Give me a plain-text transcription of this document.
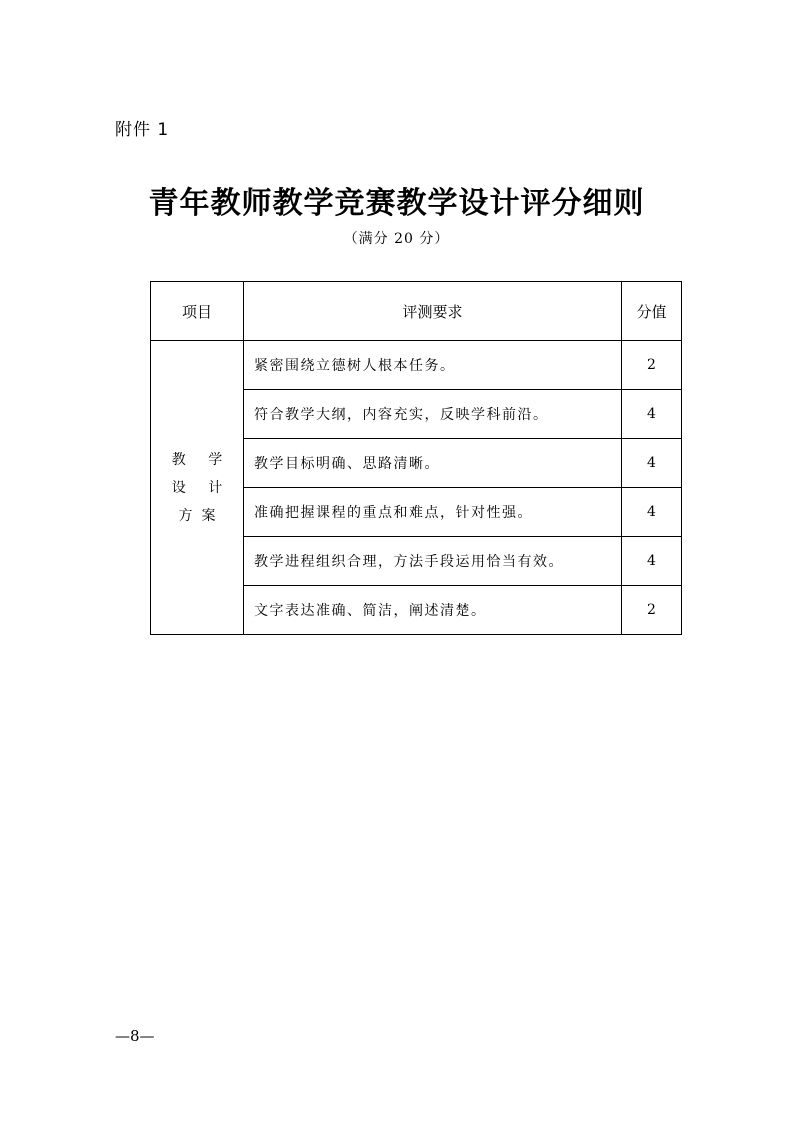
附件 1
青年教师教学竞赛教学设计评分细则
（满分 20 分）
项目	评测要求	分值

教 学
设 计
方案	紧密围绕立德树人根本任务。	2
	符合教学大纲，内容充实，反映学科前沿。	4
	教学目标明确、思路清晰。	4
	准确把握课程的重点和难点，针对性强。	4
	教学进程组织合理，方法手段运用恰当有效。	4
	文字表达准确、简洁，阐述清楚。	2
—8—
